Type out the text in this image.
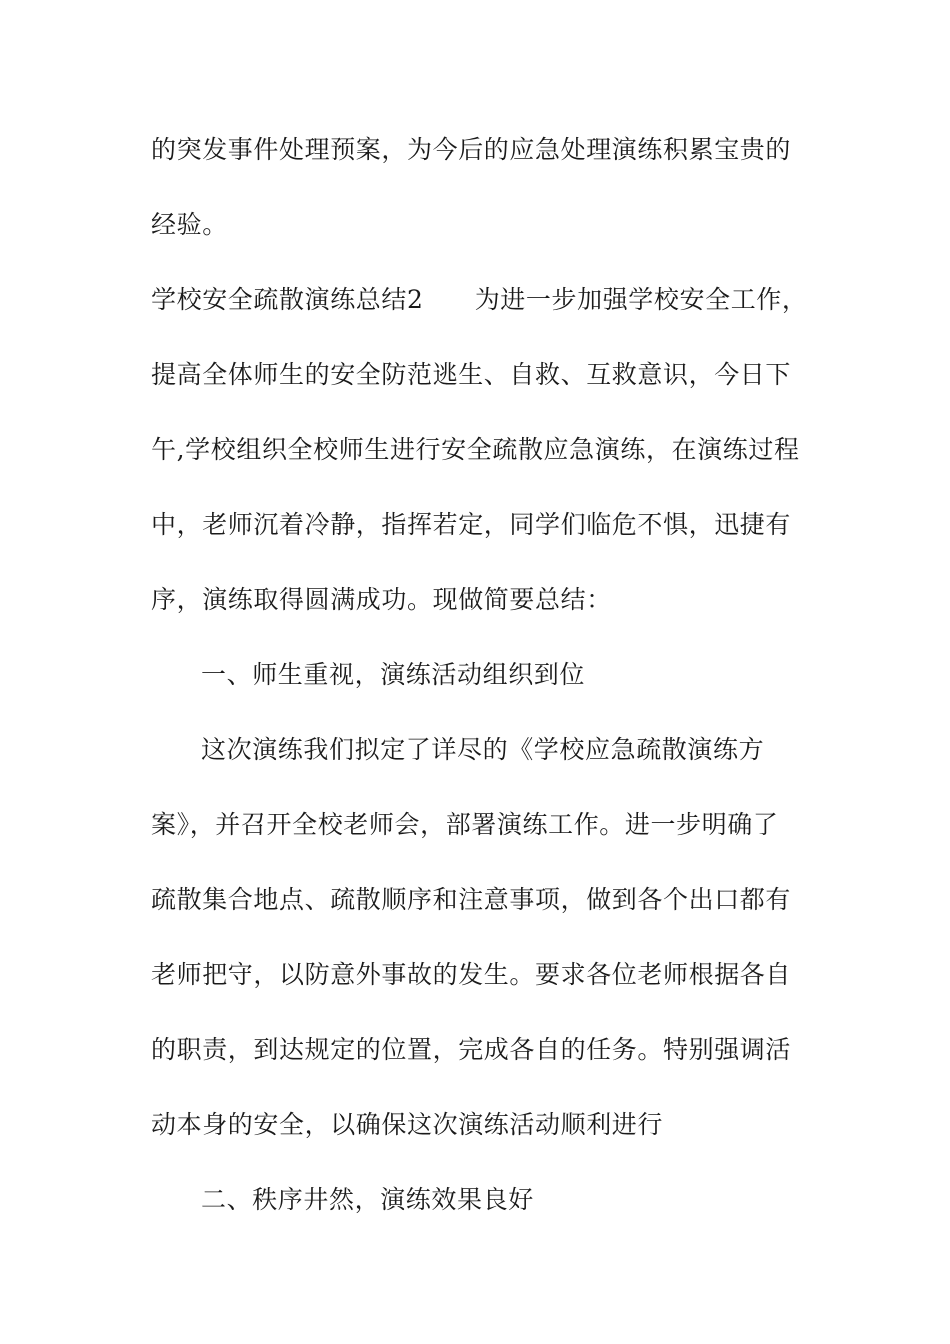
的突发事件处理预案，为今后的应急处理演练积累宝贵的
经验。
学校安全疏散演练总结2　　为进一步加强学校安全工作，
提高全体师生的安全防范逃生、自救、互救意识，今日下
午,学校组织全校师生进行安全疏散应急演练，在演练过程
中，老师沉着冷静，指挥若定，同学们临危不惧，迅捷有
序，演练取得圆满成功。现做简要总结：
一、师生重视，演练活动组织到位
这次演练我们拟定了详尽的《学校应急疏散演练方
案》，并召开全校老师会，部署演练工作。进一步明确了
疏散集合地点、疏散顺序和注意事项，做到各个出口都有
老师把守，以防意外事故的发生。要求各位老师根据各自
的职责，到达规定的位置，完成各自的任务。特别强调活
动本身的安全，以确保这次演练活动顺利进行
二、秩序井然，演练效果良好
